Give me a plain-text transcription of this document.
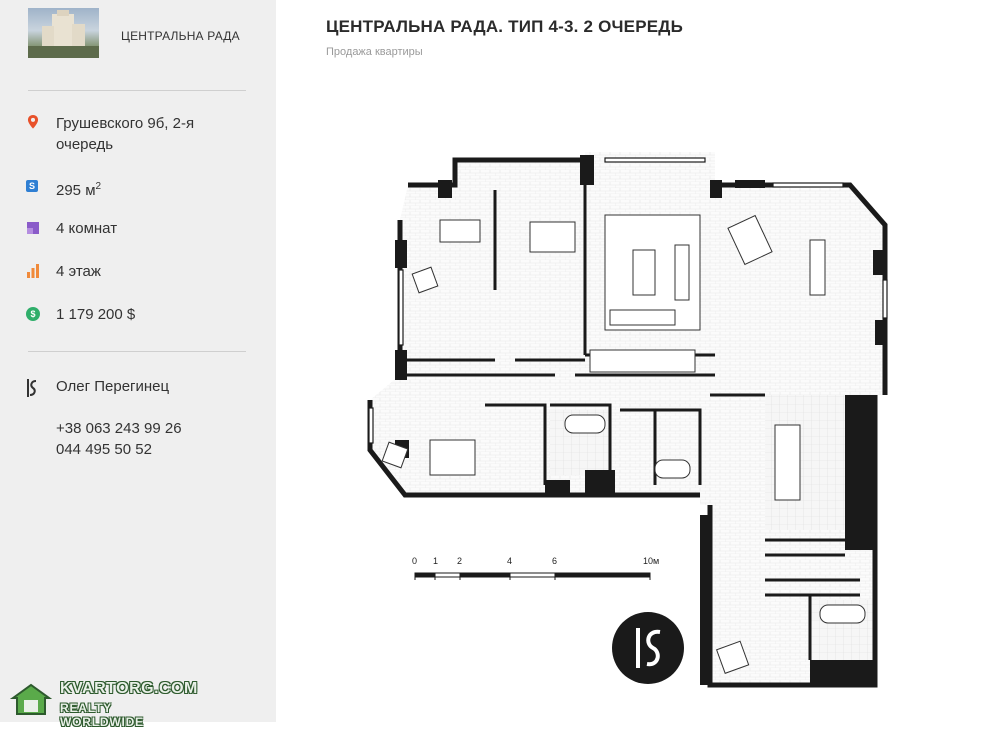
ЦЕНТРАЛЬНА РАДА
Грушевского 9б, 2-я
очередь
S 295 $м^2$
4 комнат
4 этаж
$	1 179 200 $
Олег Перегинец
+38 063 243 99 26
044 495 50 52
ЦЕНТРАЛЬНА РАДА. ТИП 4-3. 2 ОЧЕРЕДЬ
Продажа квартиры
0 1 2	4	6	10м
KVARTORG.COM
REALTY WORLDWIDE
